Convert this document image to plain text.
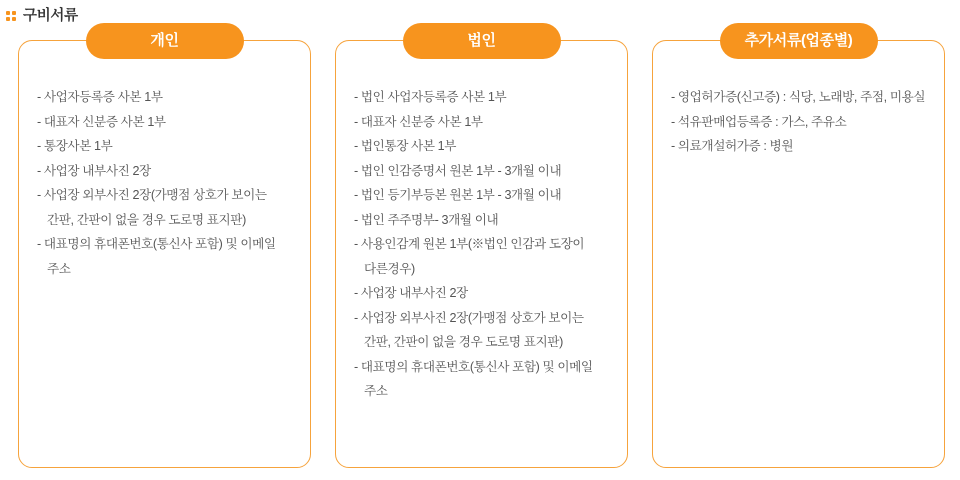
구비서류
개인
- 사업자등록증 사본 1부
- 대표자 신분증 사본 1부
- 통장사본 1부
- 사업장 내부사진 2장
- 사업장 외부사진 2장(가맹점 상호가 보이는 간판, 간판이 없을 경우 도로명 표지판)
- 대표명의 휴대폰번호(통신사 포함) 및 이메일 주소
법인
- 법인 사업자등록증 사본 1부
- 대표자 신분증 사본 1부
- 법인통장 사본 1부
- 법인 인감증명서 원본 1부 - 3개월 이내
- 법인 등기부등본 원본 1부 - 3개월 이내
- 법인 주주명부- 3개월 이내
- 사용인감계 원본 1부(※법인 인감과 도장이 다른경우)
- 사업장 내부사진 2장
- 사업장 외부사진 2장(가맹점 상호가 보이는 간판, 간판이 없을 경우 도로명 표지판)
- 대표명의 휴대폰번호(통신사 포함) 및 이메일 주소
추가서류(업종별)
- 영업허가증(신고증) : 식당, 노래방, 주점, 미용실
- 석유판매업등록증 : 가스, 주유소
- 의료개설허가증 : 병원
